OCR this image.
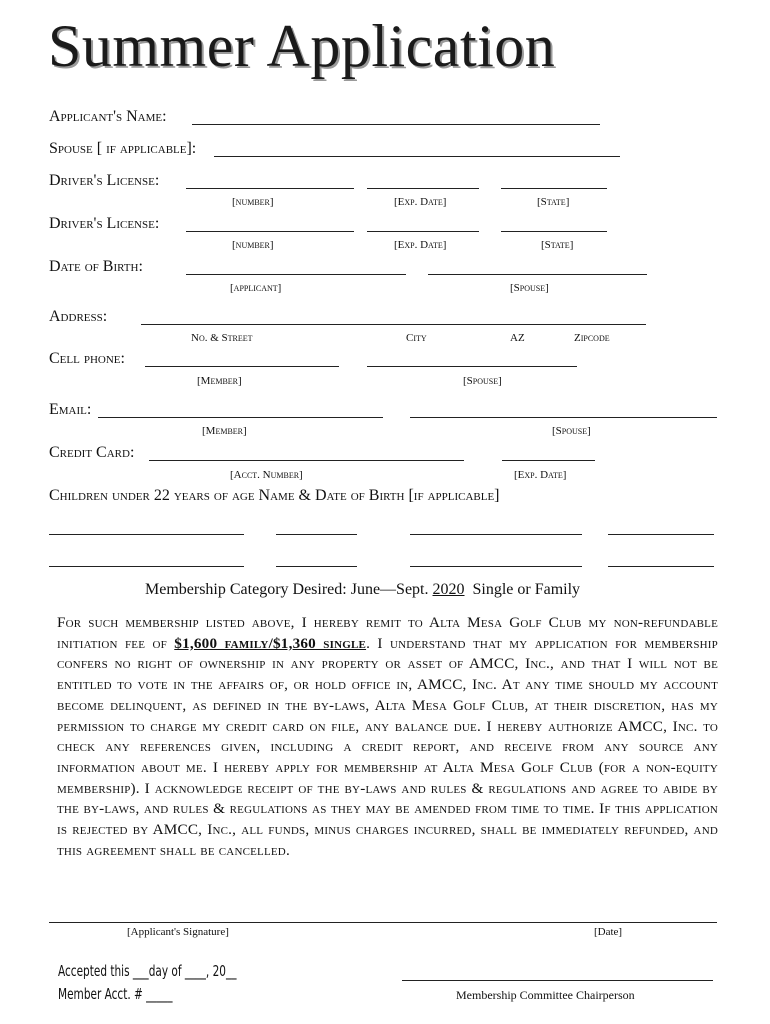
Summer Application
Applicant's Name:
Spouse [ if applicable]:
Driver's License:
[number]	[Exp. Date]	[State]
Driver's License:
[number]	[Exp. Date]	[State]
Date of Birth:
[applicant]	[Spouse]
Address:
No. & Street	City	AZ	Zipcode
Cell phone:
[Member]	[Spouse]
Email:
[Member]	[Spouse]
Credit Card:
[Acct. Number]	[Exp. Date]
Children under 22 years of age Name & Date of Birth [if applicable]
Membership Category Desired: June—Sept. 2020 Single or Family
For such membership listed above, I hereby remit to Alta Mesa Golf Club my non-refundable initiation fee of $1,600 family/$1,360 single. I understand that my application for membership confers no right of ownership in any property or asset of AMCC, Inc., and that I will not be entitled to vote in the affairs of, or hold office in, AMCC, Inc. At any time should my account become delinquent, as defined in the by-laws, Alta Mesa Golf Club, at their discretion, has my permission to charge my credit card on file, any balance due. I hereby authorize AMCC, Inc. to check any references given, including a credit report, and receive from any source any information about me. I hereby apply for membership at Alta Mesa Golf Club (for a non-equity membership). I acknowledge receipt of the by-laws and rules & regulations and agree to abide by the by-laws, and rules & regulations as they may be amended from time to time. If this application is rejected by AMCC, Inc., all funds, minus charges incurred, shall be immediately refunded, and this agreement shall be cancelled.
[Applicant's Signature]	[Date]
Accepted this ___day of ____, 20__
Member Acct. # _____	Membership Committee Chairperson
